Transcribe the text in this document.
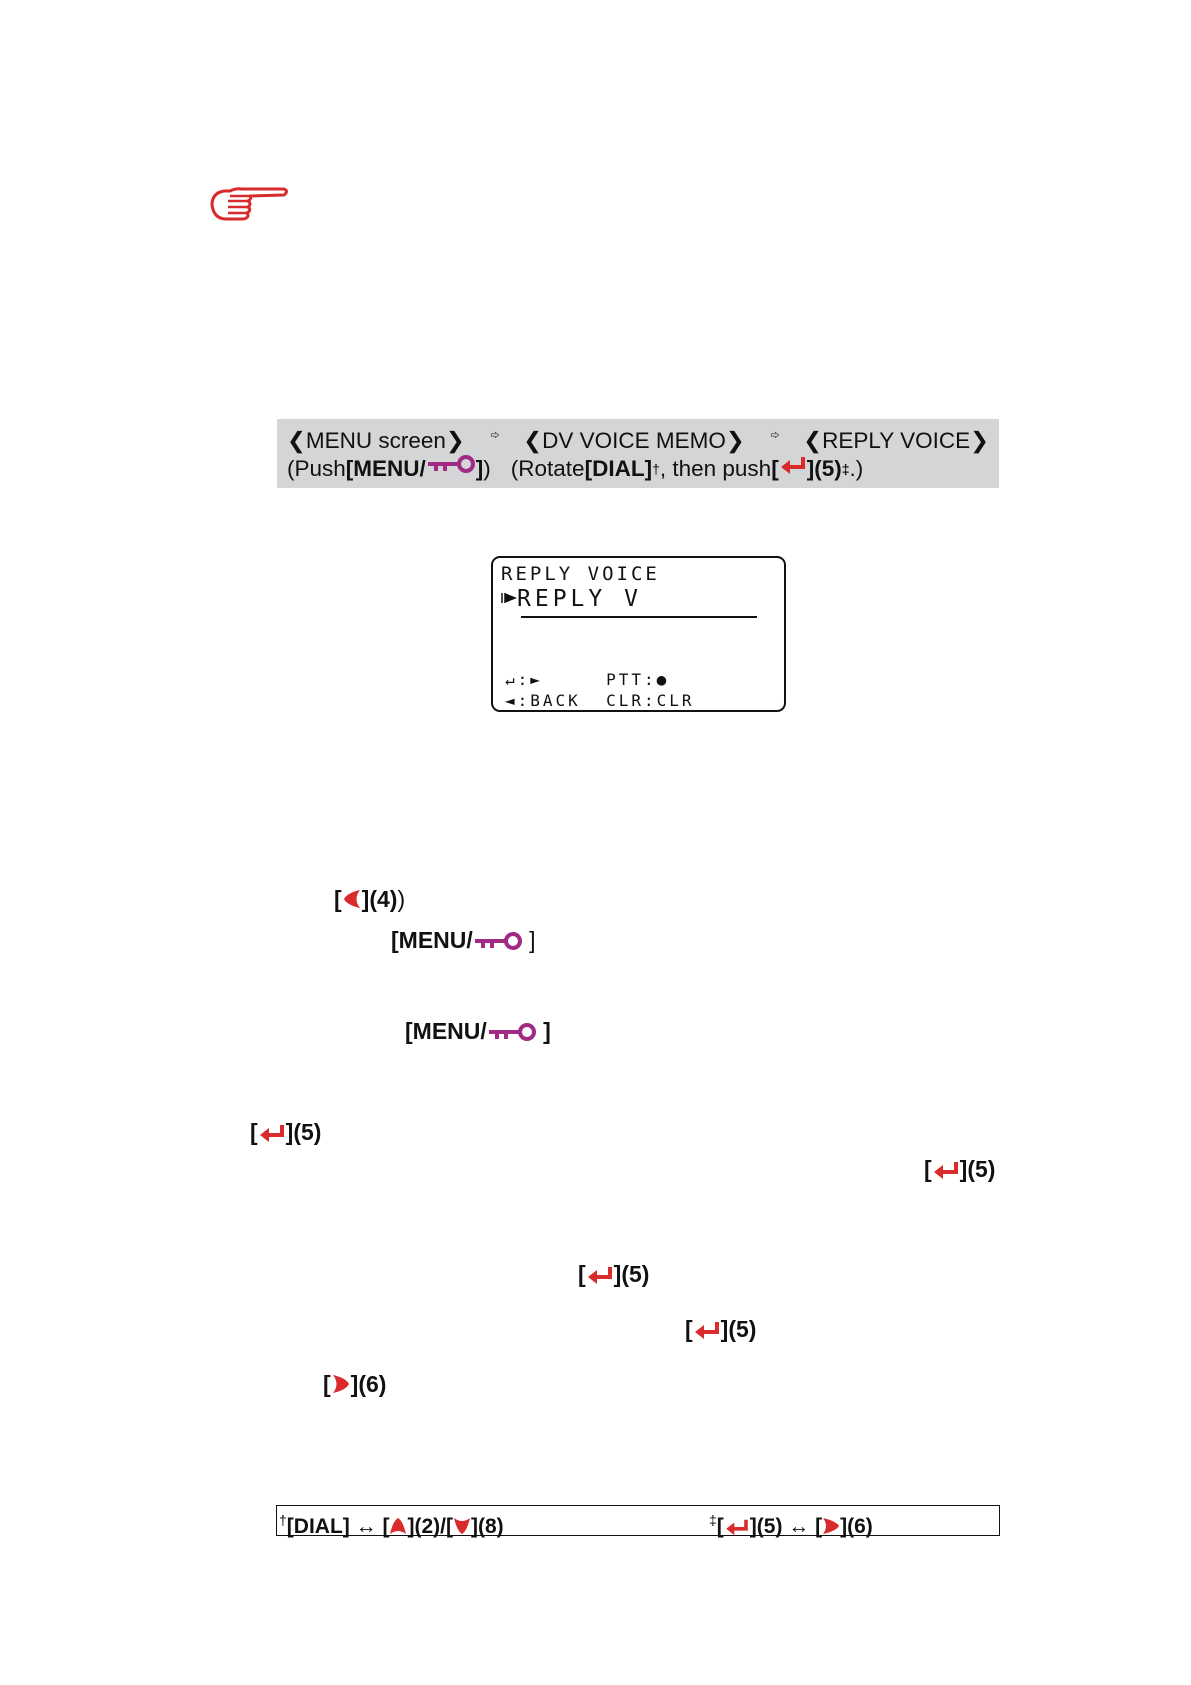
❮MENU screen❯	❮DV VOICE MEMO❯	❮REPLY VOICE❯
(Push [MENU/ ] ) (Rotate [DIAL] † , then push [ ](5) ‡ .)
REPLY VOICE
REPLY V
↵:►     PTT:●
◄:BACK  CLR:CLR
[ ](4))
[MENU/ ]
[MENU/ ]
[ ](5)
[ ](5)
[ ](5)
[ ](5)
[ ](6)
†[DIAL] ↔ [ ](2)/[ ](8)	‡[ ](5) ↔ [ ](6)
